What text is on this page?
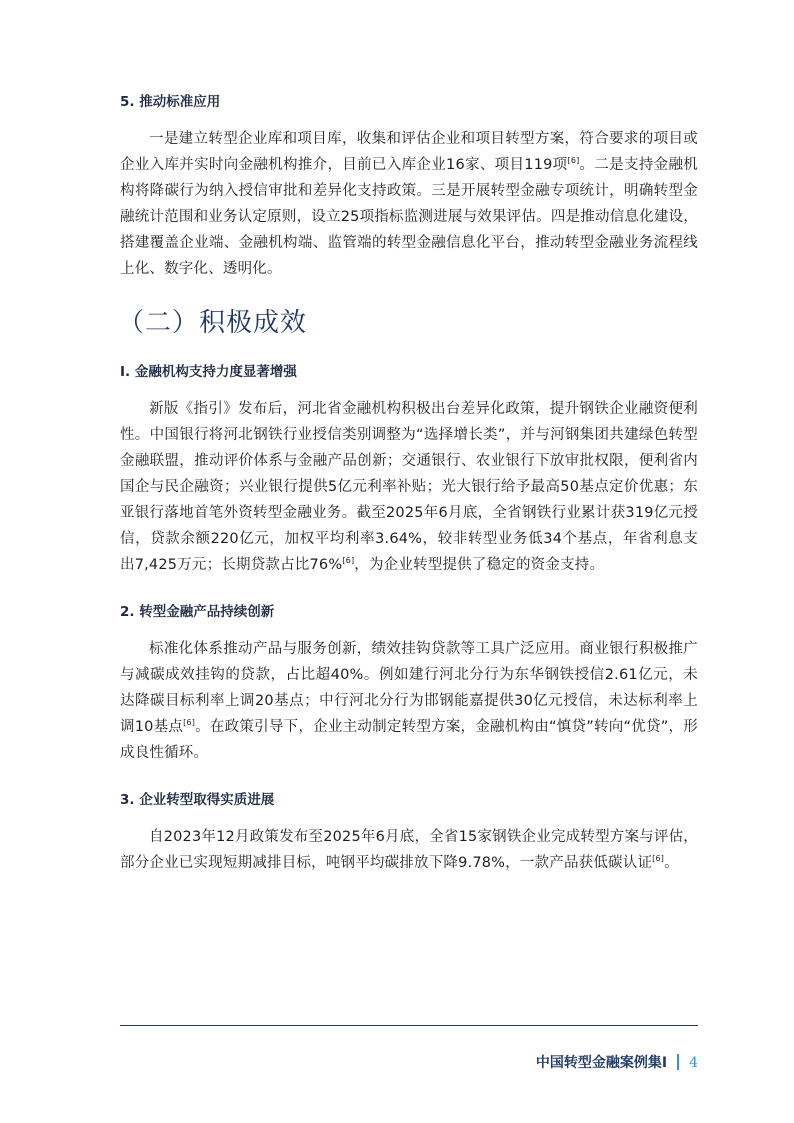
5. 推动标准应用

一是建立转型企业库和项目库，收集和评估企业和项目转型方案，符合要求的项目或企业入库并实时向金融机构推介，目前已入库企业16家、项目119项[6]。二是支持金融机构将降碳行为纳入授信审批和差异化支持政策。三是开展转型金融专项统计，明确转型金融统计范围和业务认定原则，设立25项指标监测进展与效果评估。四是推动信息化建设，搭建覆盖企业端、金融机构端、监管端的转型金融信息化平台，推动转型金融业务流程线上化、数字化、透明化。

（二）积极成效
I. 金融机构支持力度显著增强

新版《指引》发布后，河北省金融机构积极出台差异化政策，提升钢铁企业融资便利性。中国银行将河北钢铁行业授信类别调整为“选择增长类”，并与河钢集团共建绿色转型金融联盟，推动评价体系与金融产品创新；交通银行、农业银行下放审批权限，便利省内国企与民企融资；兴业银行提供5亿元利率补贴；光大银行给予最高50基点定价优惠；东亚银行落地首笔外资转型金融业务。截至2025年6月底，全省钢铁行业累计获319亿元授信，贷款余额220亿元，加权平均利率3.64%，较非转型业务低34个基点，年省利息支出7,425万元；长期贷款占比76%[6]，为企业转型提供了稳定的资金支持。

2. 转型金融产品持续创新

标准化体系推动产品与服务创新，绩效挂钩贷款等工具广泛应用。商业银行积极推广与减碳成效挂钩的贷款，占比超40%。例如建行河北分行为东华钢铁授信2.61亿元，未达降碳目标利率上调20基点；中行河北分行为邯钢能嘉提供30亿元授信，未达标利率上调10基点[6]。在政策引导下，企业主动制定转型方案，金融机构由“慎贷”转向“优贷”，形成良性循环。

3. 企业转型取得实质进展

自2023年12月政策发布至2025年6月底，全省15家钢铁企业完成转型方案与评估，部分企业已实现短期减排目标，吨钢平均碳排放下降9.78%，一款产品获低碳认证[6]。

中国转型金融案例集I 4
